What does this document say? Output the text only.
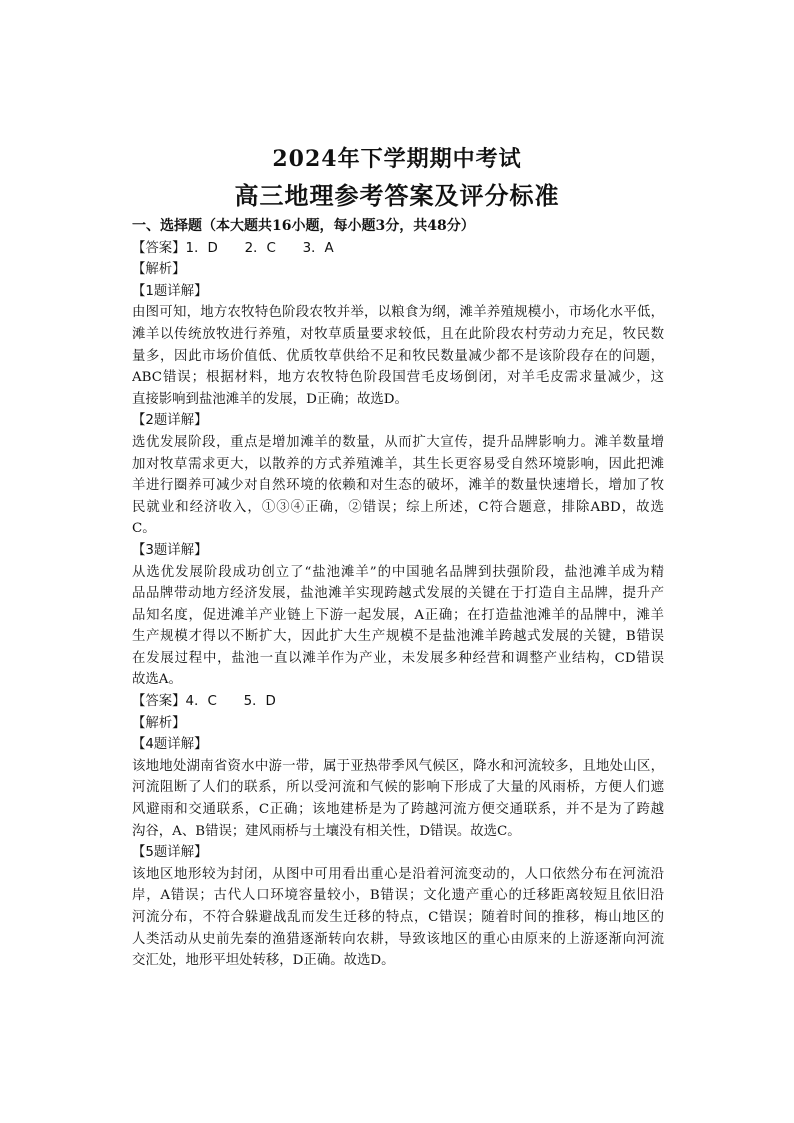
2024年下学期期中考试
高三地理参考答案及评分标准
一、选择题（本大题共16小题，每小题3分，共48分）
【答案】1．D　　2．C　　3．A
【解析】
【1题详解】
由图可知，地方农牧特色阶段农牧并举，以粮食为纲，滩羊养殖规模小，市场化水平低，
滩羊以传统放牧进行养殖，对牧草质量要求较低，且在此阶段农村劳动力充足，牧民数
量多，因此市场价值低、优质牧草供给不足和牧民数量减少都不是该阶段存在的问题，
ABC错误；根据材料，地方农牧特色阶段国营毛皮场倒闭，对羊毛皮需求量减少，这
直接影响到盐池滩羊的发展，D正确；故选D。
【2题详解】
选优发展阶段，重点是增加滩羊的数量，从而扩大宣传，提升品牌影响力。滩羊数量增
加对牧草需求更大，以散养的方式养殖滩羊，其生长更容易受自然环境影响，因此把滩
羊进行圈养可减少对自然环境的依赖和对生态的破坏，滩羊的数量快速增长，增加了牧
民就业和经济收入，①③④正确，②错误；综上所述，C符合题意，排除ABD，故选
C。
【3题详解】
从选优发展阶段成功创立了“盐池滩羊”的中国驰名品牌到扶强阶段，盐池滩羊成为精
品品牌带动地方经济发展，盐池滩羊实现跨越式发展的关键在于打造自主品牌，提升产
品知名度，促进滩羊产业链上下游一起发展，A正确；在打造盐池滩羊的品牌中，滩羊
生产规模才得以不断扩大，因此扩大生产规模不是盐池滩羊跨越式发展的关键，B错误
在发展过程中，盐池一直以滩羊作为产业，未发展多种经营和调整产业结构，CD错误
故选A。
【答案】4．C　　5．D
【解析】
【4题详解】
该地地处湖南省资水中游一带，属于亚热带季风气候区，降水和河流较多，且地处山区，
河流阻断了人们的联系，所以受河流和气候的影响下形成了大量的风雨桥，方便人们遮
风避雨和交通联系，C正确；该地建桥是为了跨越河流方便交通联系，并不是为了跨越
沟谷，A、B错误；建风雨桥与土壤没有相关性，D错误。故选C。
【5题详解】
该地区地形较为封闭，从图中可用看出重心是沿着河流变动的，人口依然分布在河流沿
岸，A错误；古代人口环境容量较小，B错误；文化遗产重心的迁移距离较短且依旧沿
河流分布，不符合躲避战乱而发生迁移的特点，C错误；随着时间的推移，梅山地区的
人类活动从史前先秦的渔猎逐渐转向农耕，导致该地区的重心由原来的上游逐渐向河流
交汇处，地形平坦处转移，D正确。故选D。
